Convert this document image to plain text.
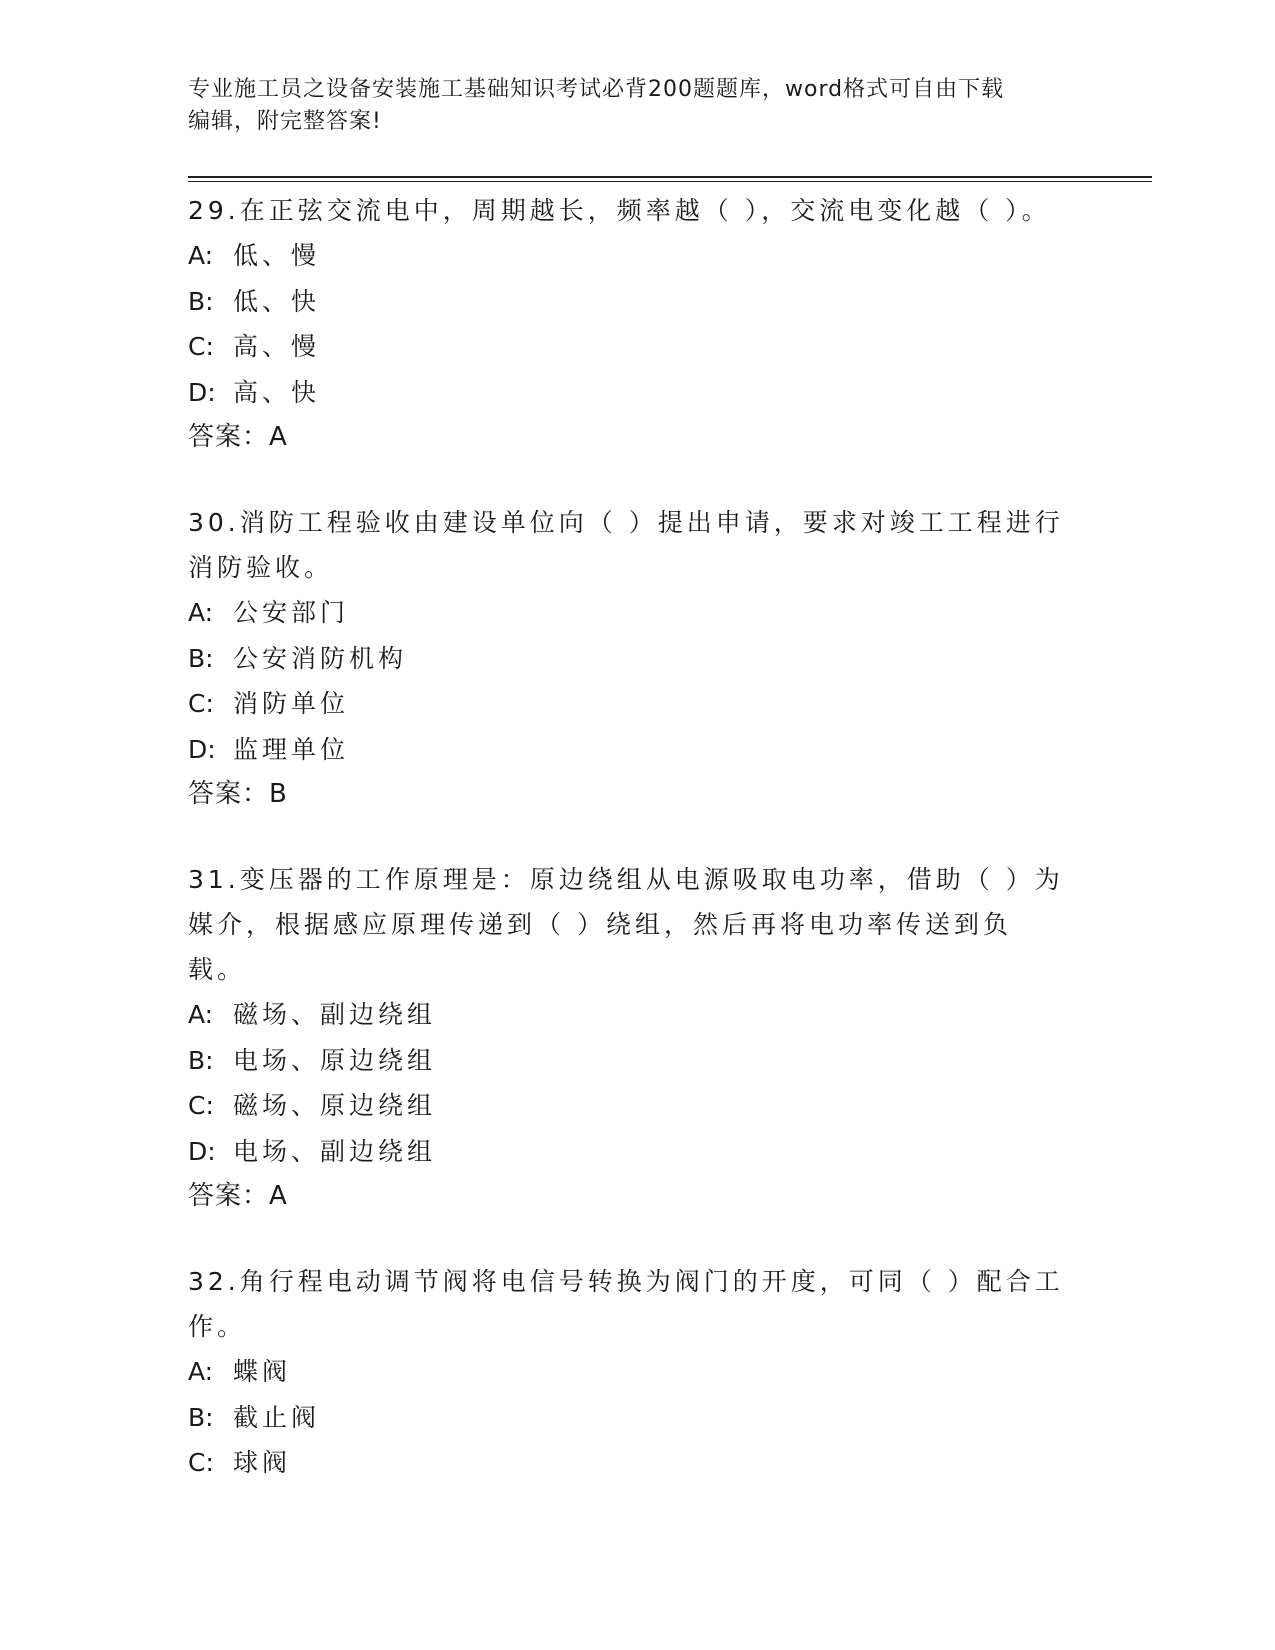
专业施工员之设备安装施工基础知识考试必背200题题库，word格式可自由下载
编辑，附完整答案!

29.在正弦交流电中，周期越长，频率越（ ），交流电变化越（ ）。

A: 低、慢

B: 低、快

C: 高、慢

D: 高、快

答案：A

30.消防工程验收由建设单位向（ ）提出申请，要求对竣工工程进行消防验收。

A: 公安部门

B: 公安消防机构

C: 消防单位

D: 监理单位

答案：B

31.变压器的工作原理是：原边绕组从电源吸取电功率，借助（ ）为媒介，根据感应原理传递到（ ）绕组，然后再将电功率传送到负载。

A: 磁场、副边绕组

B: 电场、原边绕组

C: 磁场、原边绕组

D: 电场、副边绕组

答案：A

32.角行程电动调节阀将电信号转换为阀门的开度，可同（ ）配合工作。

A: 蝶阀

B: 截止阀

C: 球阀
